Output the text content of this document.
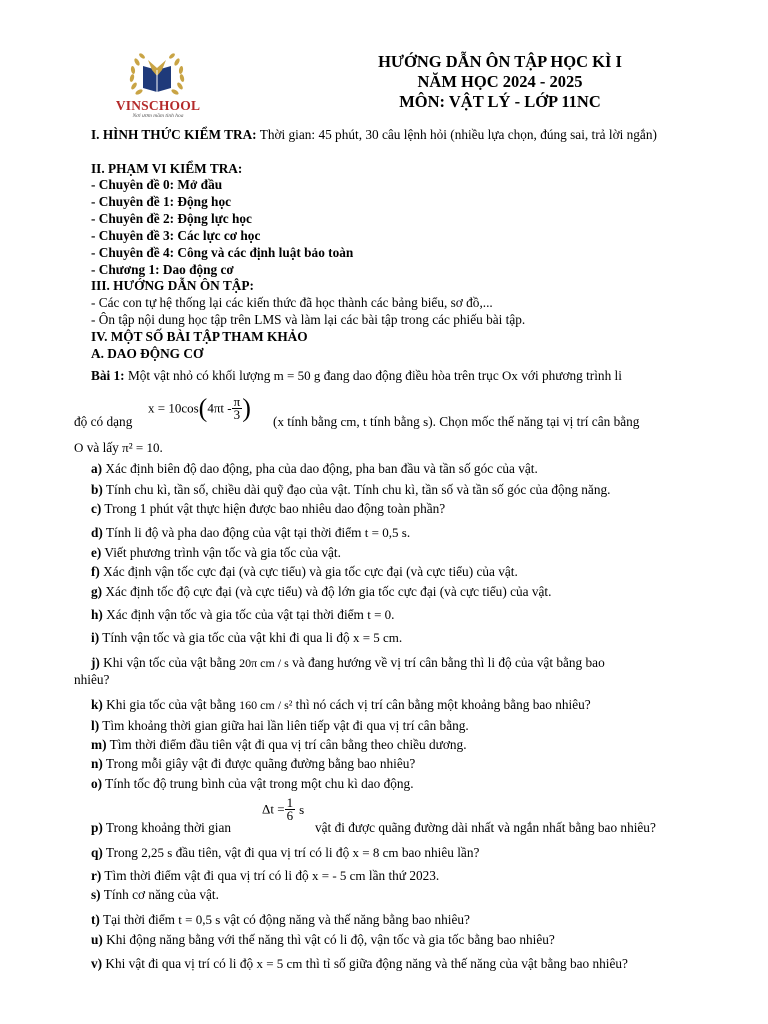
VINSCHOOL
Nơi ươm mầm tinh hoa
HƯỚNG DẪN ÔN TẬP HỌC KÌ I
NĂM HỌC 2024 - 2025
MÔN: VẬT LÝ - LỚP 11NC
I. HÌNH THỨC KIỂM TRA: Thời gian: 45 phút, 30 câu lệnh hỏi (nhiều lựa chọn, đúng sai, trả lời ngắn)
II. PHẠM VI KIỂM TRA:
- Chuyên đề 0: Mở đầu
- Chuyên đề 1: Động học
- Chuyên đề 2: Động lực học
- Chuyên đề 3: Các lực cơ học
- Chuyên đề 4: Công và các định luật bảo toàn
- Chương 1: Dao động cơ
III. HƯỚNG DẪN ÔN TẬP:
- Các con tự hệ thống lại các kiến thức đã học thành các bảng biểu, sơ đồ,...
- Ôn tập nội dung học tập trên LMS và làm lại các bài tập trong các phiếu bài tập.
IV. MỘT SỐ BÀI TẬP THAM KHẢO
A. DAO ĐỘNG CƠ
Bài 1: Một vật nhỏ có khối lượng m = 50 g đang dao động điều hòa trên trục Ox với phương trình li
độ có dạng
$x = 10\cos(4\pi t - \frac{\pi}{3}$ ) (x tính bằng cm, t tính bằng s). Chọn mốc thế năng tại vị trí cân bằng
O và lấy π² = 10.
a) Xác định biên độ dao động, pha của dao động, pha ban đầu và tần số góc của vật.
b) Tính chu kì, tần số, chiều dài quỹ đạo của vật. Tính chu kì, tần số và tần số góc của động năng.
c) Trong 1 phút vật thực hiện được bao nhiêu dao động toàn phần?
d) Tính li độ và pha dao động của vật tại thời điểm t = 0,5 s.
e) Viết phương trình vận tốc và gia tốc của vật.
f) Xác định vận tốc cực đại (và cực tiểu) và gia tốc cực đại (và cực tiểu) của vật.
g) Xác định tốc độ cực đại (và cực tiểu) và độ lớn gia tốc cực đại (và cực tiểu) của vật.
h) Xác định vận tốc và gia tốc của vật tại thời điểm t = 0.
i) Tính vận tốc và gia tốc của vật khi đi qua li độ x = 5 cm.
j) Khi vận tốc của vật bằng 20π cm / s và đang hướng về vị trí cân bằng thì li độ của vật bằng bao
nhiêu?
k) Khi gia tốc của vật bằng 160 cm / s² thì nó cách vị trí cân bằng một khoảng bằng bao nhiêu?
l) Tìm khoảng thời gian giữa hai lần liên tiếp vật đi qua vị trí cân bằng.
m) Tìm thời điểm đầu tiên vật đi qua vị trí cân bằng theo chiều dương.
n) Trong mỗi giây vật đi được quãng đường bằng bao nhiêu?
o) Tính tốc độ trung bình của vật trong một chu kì dao động.
p) Trong khoảng thời gian
$\Delta t = \frac{1}{6}$ s
vật đi được quãng đường dài nhất và ngắn nhất bằng bao nhiêu?
q) Trong 2,25 s đầu tiên, vật đi qua vị trí có li độ x = 8 cm bao nhiêu lần?
r) Tìm thời điểm vật đi qua vị trí có li độ x = - 5 cm lần thứ 2023.
s) Tính cơ năng của vật.
t) Tại thời điểm t = 0,5 s vật có động năng và thế năng bằng bao nhiêu?
u) Khi động năng bằng với thế năng thì vật có li độ, vận tốc và gia tốc bằng bao nhiêu?
v) Khi vật đi qua vị trí có li độ x = 5 cm thì tỉ số giữa động năng và thế năng của vật bằng bao nhiêu?
